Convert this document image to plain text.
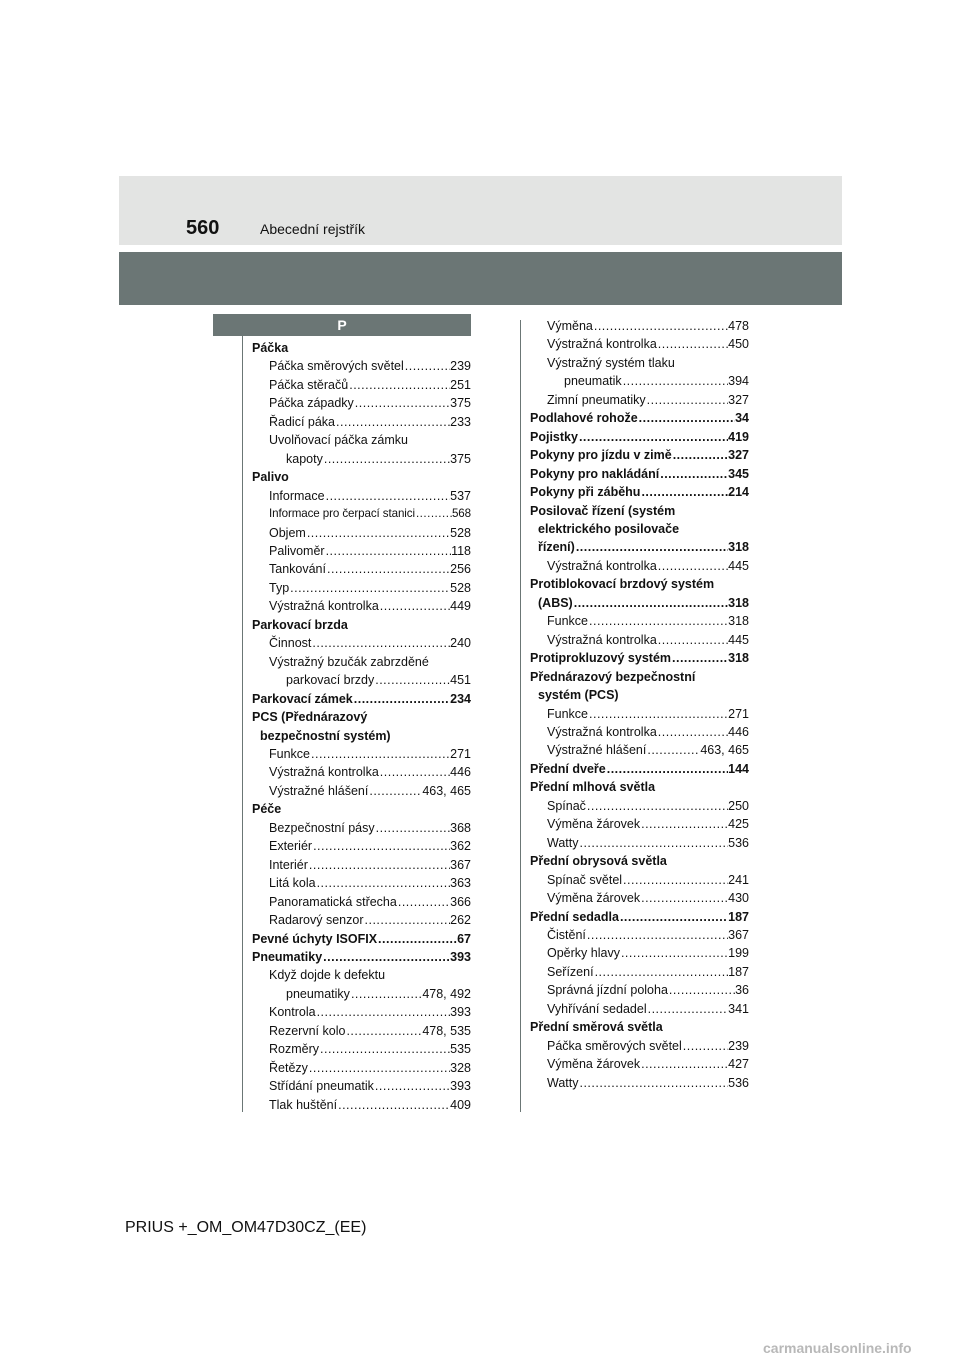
560	Abecední rejstřík
P
Páčka
Páčka směrových světel .....	239
Páčka stěračů .....	251
Páčka západky .....	375
Řadicí páka .....	233
Uvolňovací páčka zámku
kapoty .....	375
Palivo
Informace .....	537
Informace pro čerpací stanici .....	568
Objem .....	528
Palivoměr .....	118
Tankování .....	256
Typ .....	528
Výstražná kontrolka .....	449
Parkovací brzda
Činnost .....	240
Výstražný bzučák zabrzděné
parkovací brzdy .....	451
Parkovací zámek .....	234
PCS (Přednárazový
bezpečnostní systém)
Funkce .....	271
Výstražná kontrolka .....	446
Výstražné hlášení .....	463, 465
Péče
Bezpečnostní pásy .....	368
Exteriér .....	362
Interiér .....	367
Litá kola .....	363
Panoramatická střecha .....	366
Radarový senzor .....	262
Pevné úchyty ISOFIX .....	67
Pneumatiky .....	393
Když dojde k defektu
pneumatiky .....	478, 492
Kontrola .....	393
Rezervní kolo .....	478, 535
Rozměry .....	535
Řetězy .....	328
Střídání pneumatik .....	393
Tlak huštění .....	409
Výměna .....	478
Výstražná kontrolka .....	450
Výstražný systém tlaku
pneumatik .....	394
Zimní pneumatiky .....	327
Podlahové rohože .....	34
Pojistky .....	419
Pokyny pro jízdu v zimě .....	327
Pokyny pro nakládání .....	345
Pokyny při záběhu .....	214
Posilovač řízení (systém
elektrického posilovače
řízení) .....	318
Výstražná kontrolka .....	445
Protiblokovací brzdový systém
(ABS) .....	318
Funkce .....	318
Výstražná kontrolka .....	445
Protiprokluzový systém .....	318
Přednárazový bezpečnostní
systém (PCS)
Funkce .....	271
Výstražná kontrolka .....	446
Výstražné hlášení .....	463, 465
Přední dveře .....	144
Přední mlhová světla
Spínač .....	250
Výměna žárovek .....	425
Watty .....	536
Přední obrysová světla
Spínač světel .....	241
Výměna žárovek .....	430
Přední sedadla .....	187
Čistění .....	367
Opěrky hlavy .....	199
Seřízení .....	187
Správná jízdní poloha .....	36
Vyhřívání sedadel .....	341
Přední směrová světla
Páčka směrových světel .....	239
Výměna žárovek .....	427
Watty .....	536
PRIUS +_OM_OM47D30CZ_(EE)
carmanualsonline.info
